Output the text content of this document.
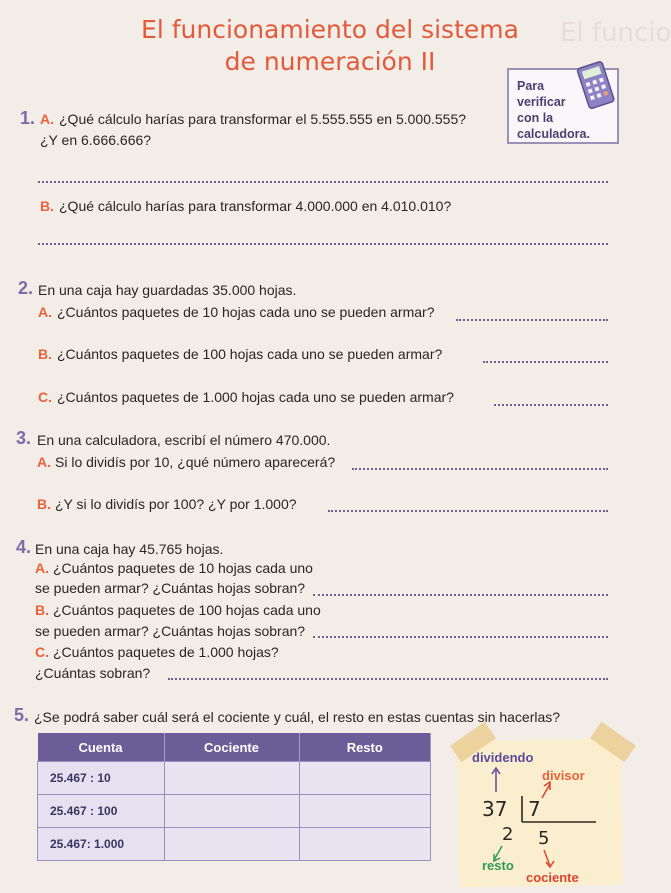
El funcio
El funcionamiento del sistema
de numeración II
Para
verificar
con la
calculadora.
1. A. ¿Qué cálculo harías para transformar el 5.555.555 en 5.000.555?
¿Y en 6.666.666?
B. ¿Qué cálculo harías para transformar 4.000.000 en 4.010.010?
2. En una caja hay guardadas 35.000 hojas.
A. ¿Cuántos paquetes de 10 hojas cada uno se pueden armar?
B. ¿Cuántos paquetes de 100 hojas cada uno se pueden armar?
C. ¿Cuántos paquetes de 1.000 hojas cada uno se pueden armar?
3. En una calculadora, escribí el número 470.000.
A. Si lo dividís por 10, ¿qué número aparecerá?
B. ¿Y si lo dividís por 100? ¿Y por 1.000?
4. En una caja hay 45.765 hojas.
A. ¿Cuántos paquetes de 10 hojas cada uno
se pueden armar? ¿Cuántas hojas sobran?
B. ¿Cuántos paquetes de 100 hojas cada uno
se pueden armar? ¿Cuántas hojas sobran?
C. ¿Cuántos paquetes de 1.000 hojas?
¿Cuántas sobran?
5. ¿Se podrá saber cuál será el cociente y cuál, el resto en estas cuentas sin hacerlas?
Cuenta	Cociente	Resto
25.467 : 10		
25.467 : 100		
25.467: 1.000		
dividendo
divisor
37 7
2 5
resto
cociente
